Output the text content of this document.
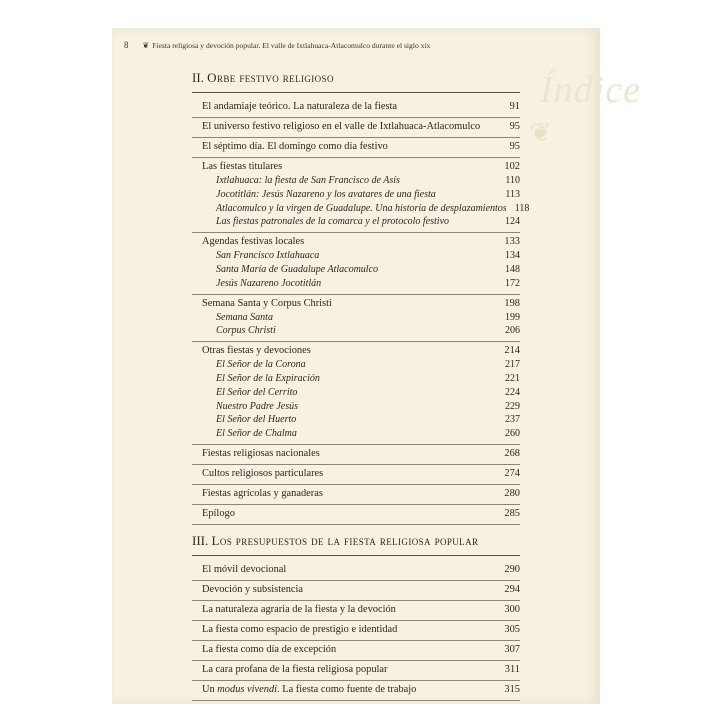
Índice
❦
8 ❦ Fiesta religiosa y devoción popular. El valle de Ixtlahuaca-Atlacomulco durante el siglo xix
II. Orbe festivo religioso
El andamiaje teórico. La naturaleza de la fiesta	91
El universo festivo religioso en el valle de Ixtlahuaca-Atlacomulco	95
El séptimo día. El domingo como día festivo	95
Las fiestas titulares	102
Ixtlahuaca: la fiesta de San Francisco de Asís	110
Jocotitlán: Jesús Nazareno y los avatares de una fiesta	113
Atlacomulco y la virgen de Guadalupe. Una historia de desplazamientos 118
Las fiestas patronales de la comarca y el protocolo festivo	124
Agendas festivas locales	133
San Francisco Ixtlahuaca	134
Santa María de Guadalupe Atlacomulco	148
Jesús Nazareno Jocotitlán	172
Semana Santa y Corpus Christi	198
Semana Santa	199
Corpus Christi	206
Otras fiestas y devociones	214
El Señor de la Corona	217
El Señor de la Expiración	221
El Señor del Cerrito	224
Nuestro Padre Jesús	229
El Señor del Huerto	237
El Señor de Chalma	260
Fiestas religiosas nacionales	268
Cultos religiosos particulares	274
Fiestas agrícolas y ganaderas	280
Epílogo	285
III. Los presupuestos de la fiesta religiosa popular
El móvil devocional	290
Devoción y subsistencia	294
La naturaleza agraria de la fiesta y la devoción	300
La fiesta como espacio de prestigio e identidad	305
La fiesta como día de excepción	307
La cara profana de la fiesta religiosa popular	311
Un modus vivendi. La fiesta como fuente de trabajo	315
